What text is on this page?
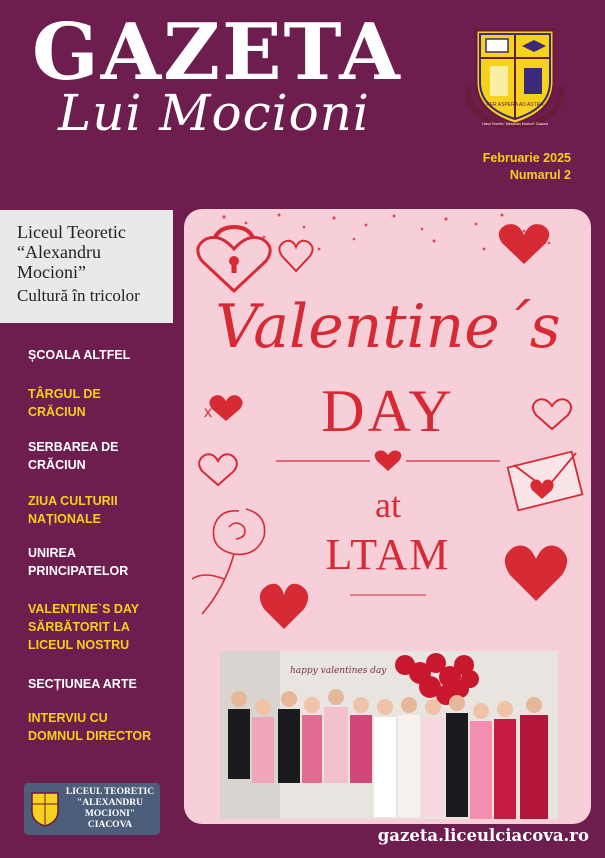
GAZETA
Lui Mocioni	PER ASPERA AD ASTRA
Liceul Teoretic "Alexandru Mocioni" Ciacova
Februarie 2025
Numarul 2
Liceul Teoretic
“Alexandru
Mocioni”
Cultură în tricolor
ȘCOALA ALTFEL
TÂRGUL DE
CRĂCIUN
SERBAREA DE
CRĂCIUN
ZIUA CULTURII
NAȚIONALE
UNIREA
PRINCIPATELOR
VALENTINE`S DAY
SĂRBĂTORIT LA
LICEUL NOSTRU
SECȚIUNEA ARTE
INTERVIU CU
DOMNUL DIRECTOR
x
Valentine´s
DAY
at
LTAM
happy valentines day
LICEUL TEORETIC
"ALEXANDRU
MOCIONI"
CIACOVA
gazeta.liceulciacova.ro
